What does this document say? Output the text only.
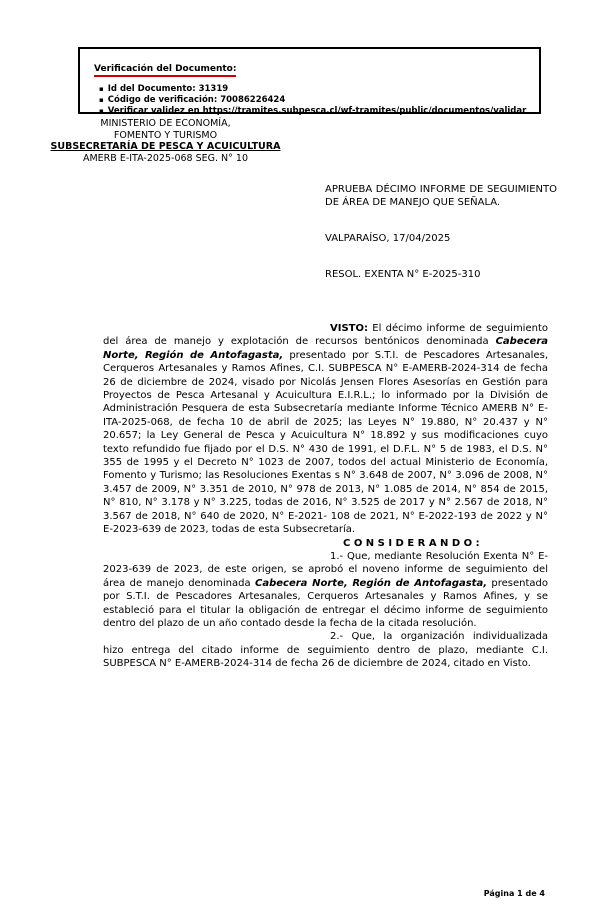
Verificación del Documento:
▪ Id del Documento: 31319
▪ Código de verificación: 70086226424
▪ Verificar validez en https://tramites.subpesca.cl/wf-tramites/public/documentos/validar
MINISTERIO DE ECONOMÍA,
FOMENTO Y TURISMO
SUBSECRETARÍA DE PESCA Y ACUICULTURA
AMERB E-ITA-2025-068 SEG. N° 10
APRUEBA DÉCIMO INFORME DE SEGUIMIENTO DE ÁREA DE MANEJO QUE SEÑALA.
VALPARAÍSO, 17/04/2025
RESOL. EXENTA N° E-2025-310

VISTO: El décimo informe de seguimiento del área de manejo y explotación de recursos bentónicos denominada Cabecera Norte, Región de Antofagasta, presentado por S.T.I. de Pescadores Artesanales, Cerqueros Artesanales y Ramos Afines, C.I. SUBPESCA N° E-AMERB-2024-314 de fecha 26 de diciembre de 2024, visado por Nicolás Jensen Flores Asesorías en Gestión para Proyectos de Pesca Artesanal y Acuicultura E.I.R.L.; lo informado por la División de Administración Pesquera de esta Subsecretaría mediante Informe Técnico AMERB N° E-ITA-2025-068, de fecha 10 de abril de 2025; las Leyes N° 19.880, N° 20.437 y N° 20.657; la Ley General de Pesca y Acuicultura N° 18.892 y sus modificaciones cuyo texto refundido fue fijado por el D.S. N° 430 de 1991, el D.F.L. N° 5 de 1983, el D.S. N° 355 de 1995 y el Decreto N° 1023 de 2007, todos del actual Ministerio de Economía, Fomento y Turismo; las Resoluciones Exentas s N° 3.648 de 2007, N° 3.096 de 2008, N° 3.457 de 2009, N° 3.351 de 2010, N° 978 de 2013, N° 1.085 de 2014, N° 854 de 2015, N° 810, N° 3.178 y N° 3.225, todas de 2016, N° 3.525 de 2017 y N° 2.567 de 2018, N° 3.567 de 2018, N° 640 de 2020, N° E-2021- 108 de 2021, N° E-2022-193 de 2022 y N° E-2023-639 de 2023, todas de esta Subsecretaría.

C O N S I D E R A N D O :

1.- Que, mediante Resolución Exenta N° E-2023-639 de 2023, de este origen, se aprobó el noveno informe de seguimiento del área de manejo denominada Cabecera Norte, Región de Antofagasta, presentado por S.T.I. de Pescadores Artesanales, Cerqueros Artesanales y Ramos Afines, y se estableció para el titular la obligación de entregar el décimo informe de seguimiento dentro del plazo de un año contado desde la fecha de la citada resolución.

2.- Que, la organización individualizada hizo entrega del citado informe de seguimiento dentro de plazo, mediante C.I. SUBPESCA N° E-AMERB-2024-314 de fecha 26 de diciembre de 2024, citado en Visto.

Página 1 de 4
